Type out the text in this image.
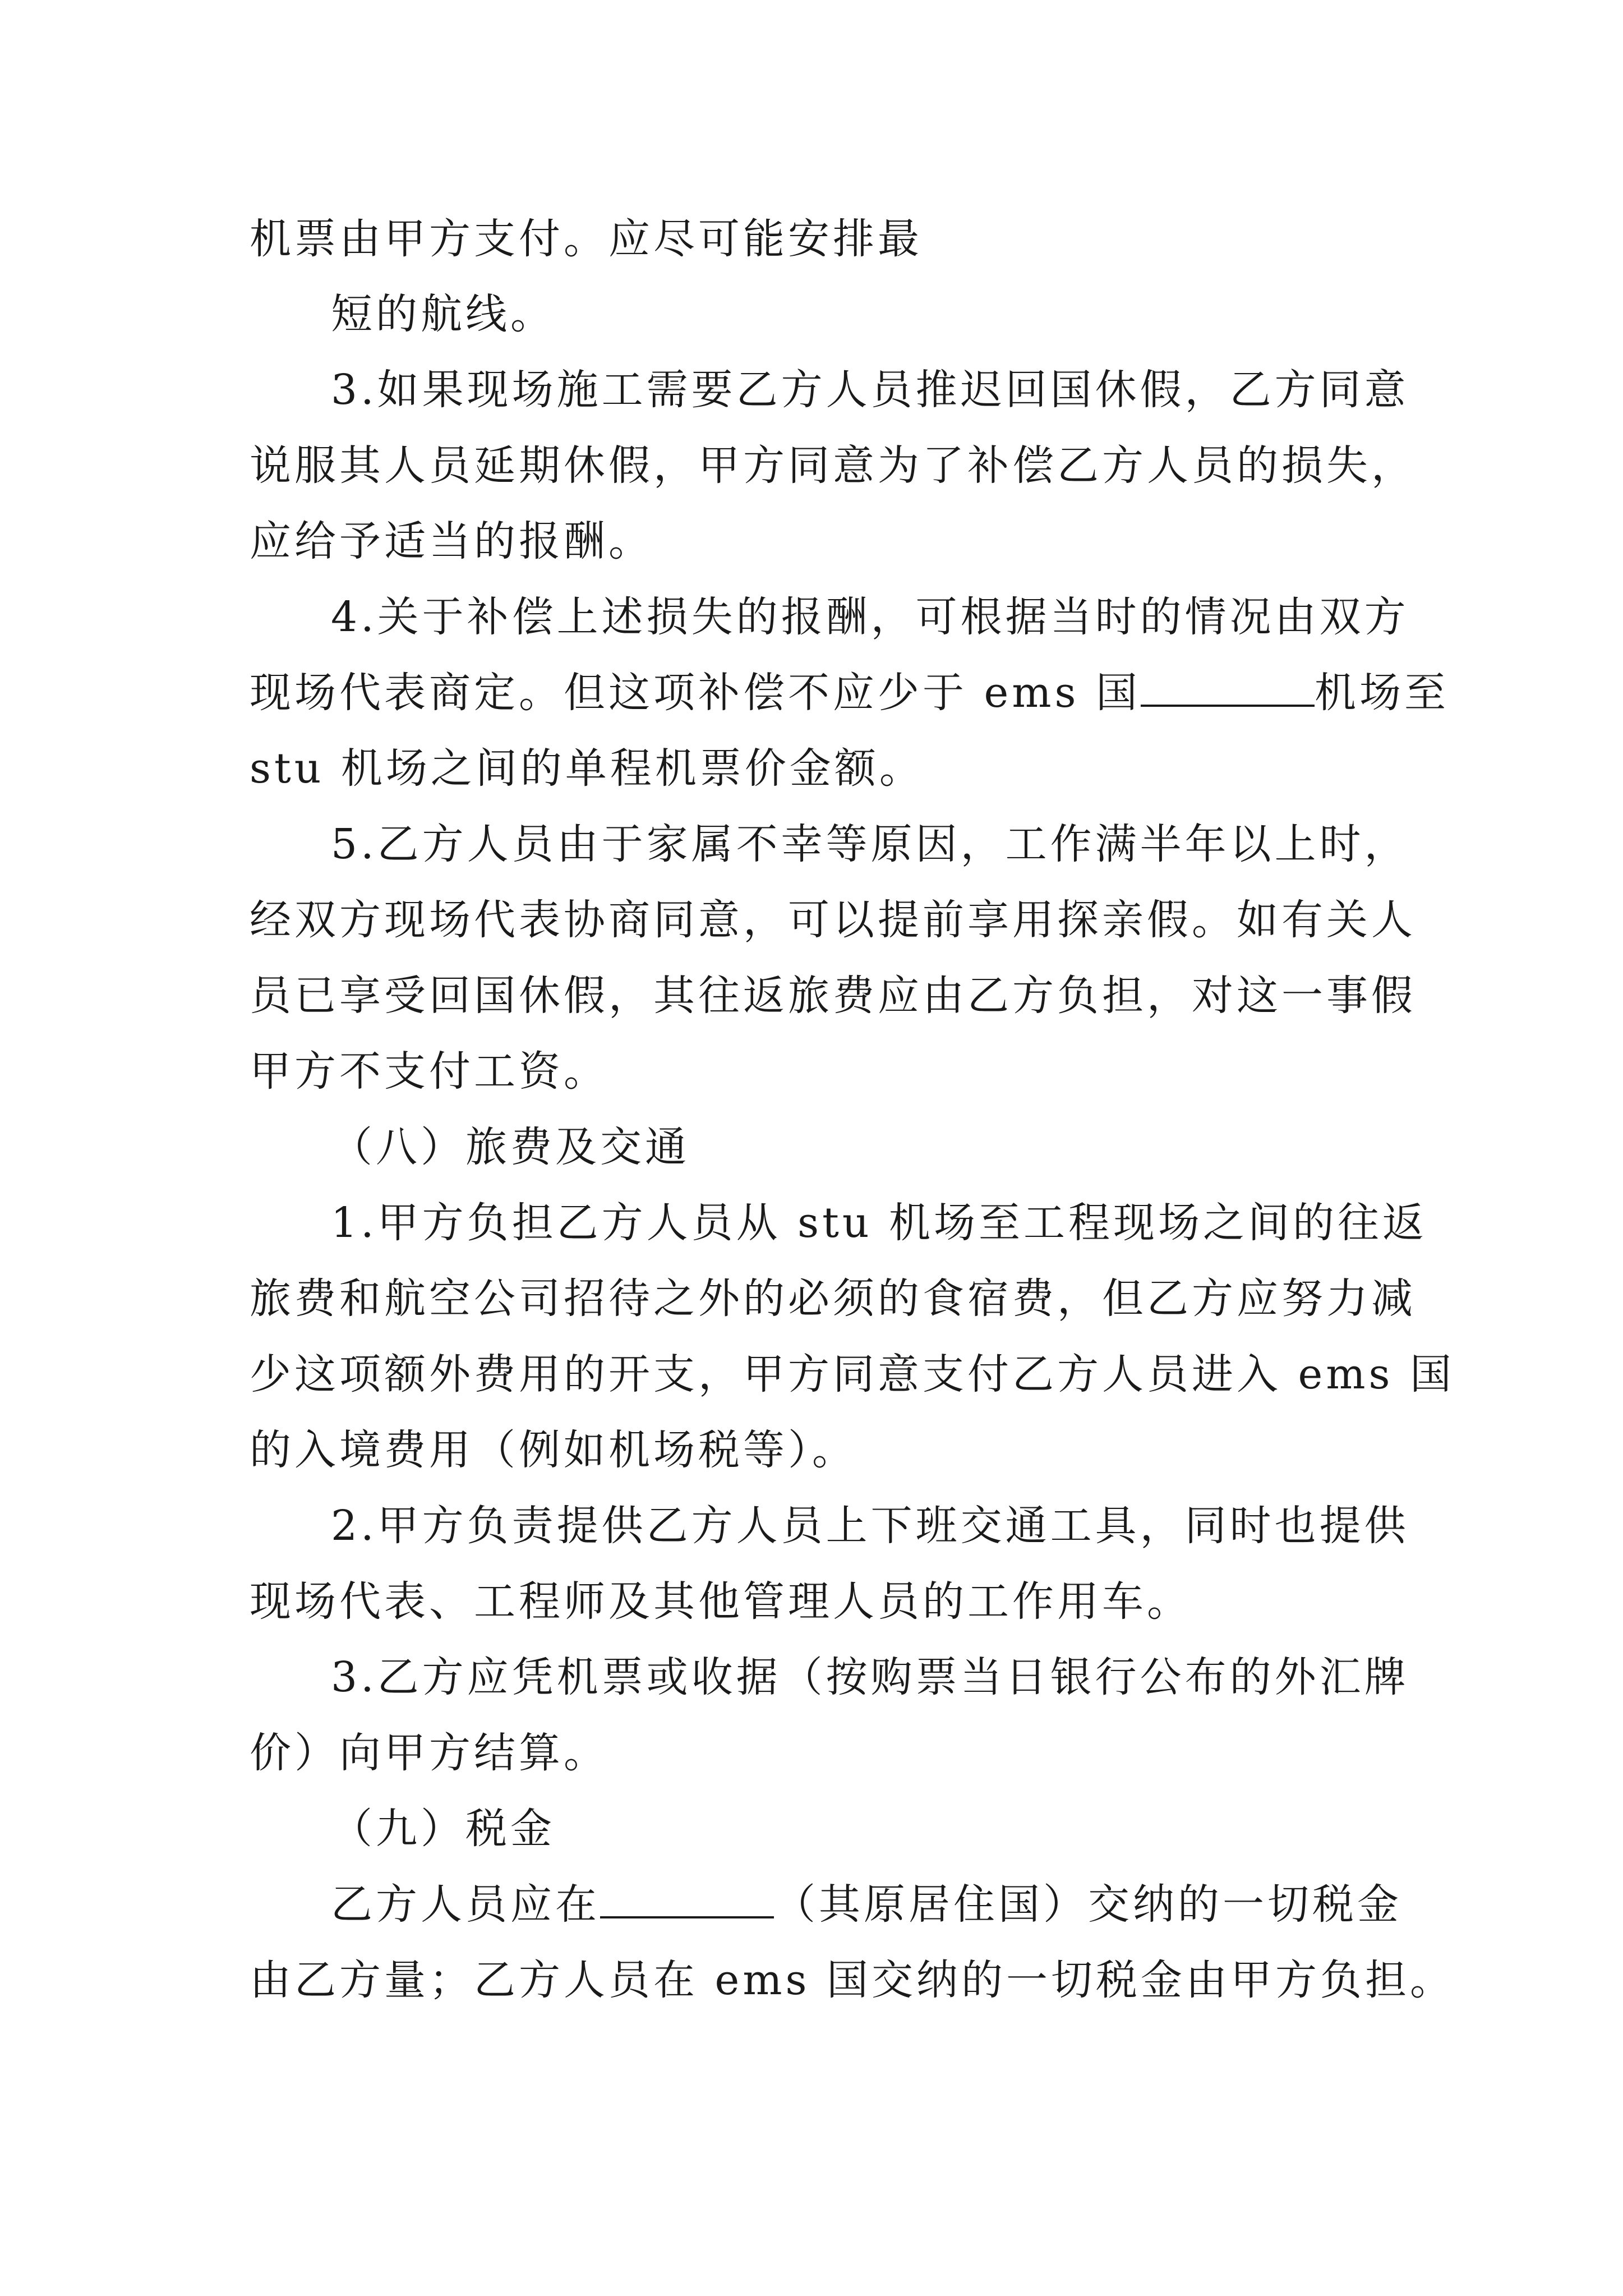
机票由甲方支付。应尽可能安排最
短的航线。
3.如果现场施工需要乙方人员推迟回国休假，乙方同意
说服其人员延期休假，甲方同意为了补偿乙方人员的损失，
应给予适当的报酬。
4.关于补偿上述损失的报酬，可根据当时的情况由双方
现场代表商定。但这项补偿不应少于 ems 国	机场至
stu 机场之间的单程机票价金额。
5.乙方人员由于家属不幸等原因，工作满半年以上时，
经双方现场代表协商同意，可以提前享用探亲假。如有关人
员已享受回国休假，其往返旅费应由乙方负担，对这一事假
甲方不支付工资。
（八）旅费及交通
1.甲方负担乙方人员从 stu 机场至工程现场之间的往返
旅费和航空公司招待之外的必须的食宿费，但乙方应努力减
少这项额外费用的开支，甲方同意支付乙方人员进入 ems 国
的入境费用（例如机场税等）。
2.甲方负责提供乙方人员上下班交通工具，同时也提供
现场代表、工程师及其他管理人员的工作用车。
3.乙方应凭机票或收据（按购票当日银行公布的外汇牌
价）向甲方结算。
（九）税金
乙方人员应在	（其原居住国）交纳的一切税金
由乙方量；乙方人员在 ems 国交纳的一切税金由甲方负担。
